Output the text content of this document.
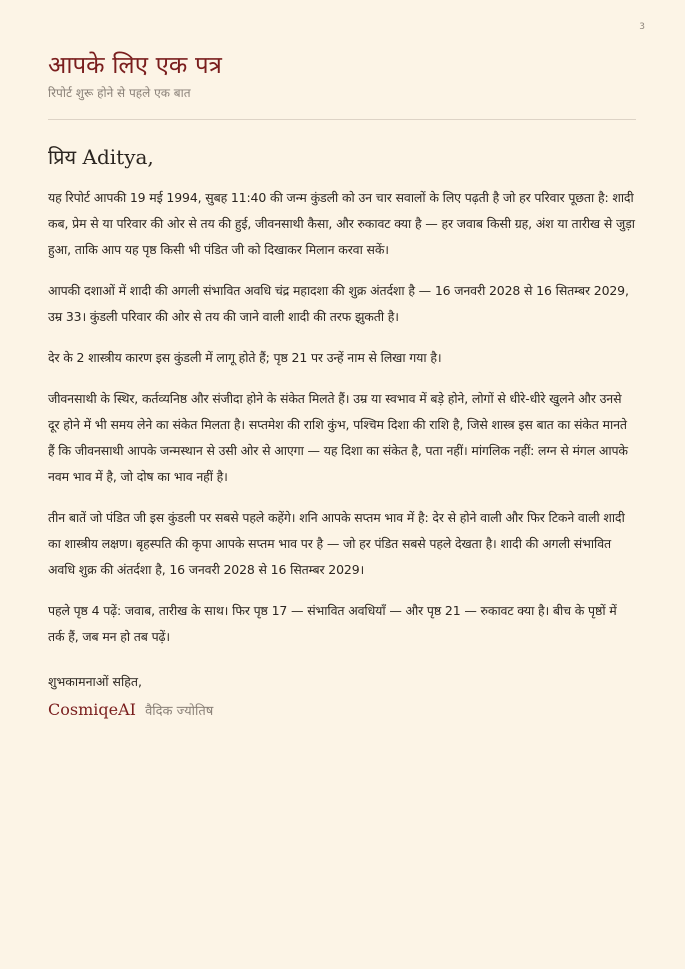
3
आपके लिए एक पत्र
रिपोर्ट शुरू होने से पहले एक बात
प्रिय Aditya,

यह रिपोर्ट आपकी 19 मई 1994, सुबह 11:40 की जन्म कुंडली को उन चार सवालों के लिए पढ़ती है जो हर परिवार पूछता है: शादी कब, प्रेम से या परिवार की ओर से तय की हुई, जीवनसाथी कैसा, और रुकावट क्या है — हर जवाब किसी ग्रह, अंश या तारीख से जुड़ा हुआ, ताकि आप यह पृष्ठ किसी भी पंडित जी को दिखाकर मिलान करवा सकें।

आपकी दशाओं में शादी की अगली संभावित अवधि चंद्र महादशा की शुक्र अंतर्दशा है — 16 जनवरी 2028 से 16 सितम्बर 2029, उम्र 33। कुंडली परिवार की ओर से तय की जाने वाली शादी की तरफ झुकती है।

देर के 2 शास्त्रीय कारण इस कुंडली में लागू होते हैं; पृष्ठ 21 पर उन्हें नाम से लिखा गया है।

जीवनसाथी के स्थिर, कर्तव्यनिष्ठ और संजीदा होने के संकेत मिलते हैं। उम्र या स्वभाव में बड़े होने, लोगों से धीरे-धीरे खुलने और उनसे दूर होने में भी समय लेने का संकेत मिलता है। सप्तमेश की राशि कुंभ, पश्चिम दिशा की राशि है, जिसे शास्त्र इस बात का संकेत मानते हैं कि जीवनसाथी आपके जन्मस्थान से उसी ओर से आएगा — यह दिशा का संकेत है, पता नहीं। मांगलिक नहीं: लग्न से मंगल आपके नवम भाव में है, जो दोष का भाव नहीं है।

तीन बातें जो पंडित जी इस कुंडली पर सबसे पहले कहेंगे। शनि आपके सप्तम भाव में है: देर से होने वाली और फिर टिकने वाली शादी का शास्त्रीय लक्षण। बृहस्पति की कृपा आपके सप्तम भाव पर है — जो हर पंडित सबसे पहले देखता है। शादी की अगली संभावित अवधि शुक्र की अंतर्दशा है, 16 जनवरी 2028 से 16 सितम्बर 2029।

पहले पृष्ठ 4 पढ़ें: जवाब, तारीख के साथ। फिर पृष्ठ 17 — संभावित अवधियाँ — और पृष्ठ 21 — रुकावट क्या है। बीच के पृष्ठों में तर्क हैं, जब मन हो तब पढ़ें।

शुभकामनाओं सहित,
CosmiqeAI वैदिक ज्योतिष
